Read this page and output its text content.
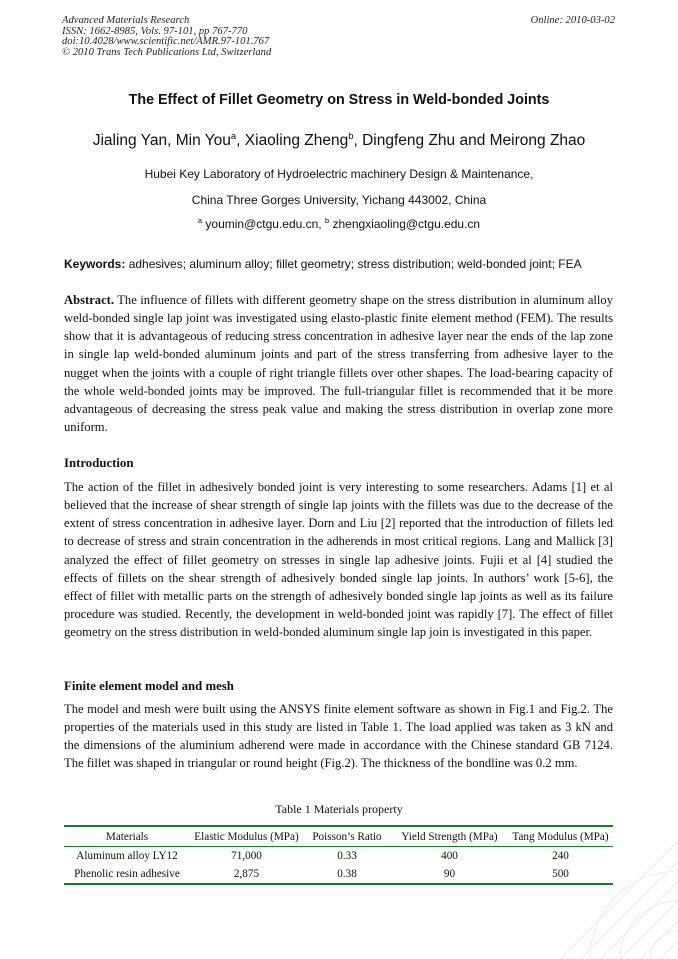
Advanced Materials Research
ISSN: 1662-8985, Vols. 97-101, pp 767-770
doi:10.4028/www.scientific.net/AMR.97-101.767
© 2010 Trans Tech Publications Ltd, Switzerland
Online: 2010-03-02
The Effect of Fillet Geometry on Stress in Weld-bonded Joints
Jialing Yan, Min You$^a$, Xiaoling Zheng$^b$, Dingfeng Zhu and Meirong Zhao
Hubei Key Laboratory of Hydroelectric machinery Design & Maintenance,
China Three Gorges University, Yichang 443002, China
$^a$ youmin@ctgu.edu.cn, $^b$ zhengxiaoling@ctgu.edu.cn
Keywords: adhesives; aluminum alloy; fillet geometry; stress distribution; weld-bonded joint; FEA
Abstract. The influence of fillets with different geometry shape on the stress distribution in aluminum alloy weld-bonded single lap joint was investigated using elasto-plastic finite element method (FEM). The results show that it is advantageous of reducing stress concentration in adhesive layer near the ends of the lap zone in single lap weld-bonded aluminum joints and part of the stress transferring from adhesive layer to the nugget when the joints with a couple of right triangle fillets over other shapes. The load-bearing capacity of the whole weld-bonded joints may be improved. The full-triangular fillet is recommended that it be more advantageous of decreasing the stress peak value and making the stress distribution in overlap zone more uniform.
Introduction
The action of the fillet in adhesively bonded joint is very interesting to some researchers. Adams [1] et al believed that the increase of shear strength of single lap joints with the fillets was due to the decrease of the extent of stress concentration in adhesive layer. Dorn and Liu [2] reported that the introduction of fillets led to decrease of stress and strain concentration in the adherends in most critical regions. Lang and Mallick [3] analyzed the effect of fillet geometry on stresses in single lap adhesive joints. Fujii et al [4] studied the effects of fillets on the shear strength of adhesively bonded single lap joints. In authors’ work [5-6], the effect of fillet with metallic parts on the strength of adhesively bonded single lap joints as well as its failure procedure was studied. Recently, the development in weld-bonded joint was rapidly [7]. The effect of fillet geometry on the stress distribution in weld-bonded aluminum single lap join is investigated in this paper.
Finite element model and mesh
The model and mesh were built using the ANSYS finite element software as shown in Fig.1 and Fig.2. The properties of the materials used in this study are listed in Table 1. The load applied was taken as 3 kN and the dimensions of the aluminium adherend were made in accordance with the Chinese standard GB 7124. The fillet was shaped in triangular or round height (Fig.2). The thickness of the bondline was 0.2 mm.
Table 1 Materials property
Materials	Elastic Modulus (MPa)	Poisson’s Ratio	Yield Strength (MPa)	Tang Modulus (MPa)
Aluminum alloy LY12	71,000	0.33	400	240
Phenolic resin adhesive	2,875	0.38	90	500
